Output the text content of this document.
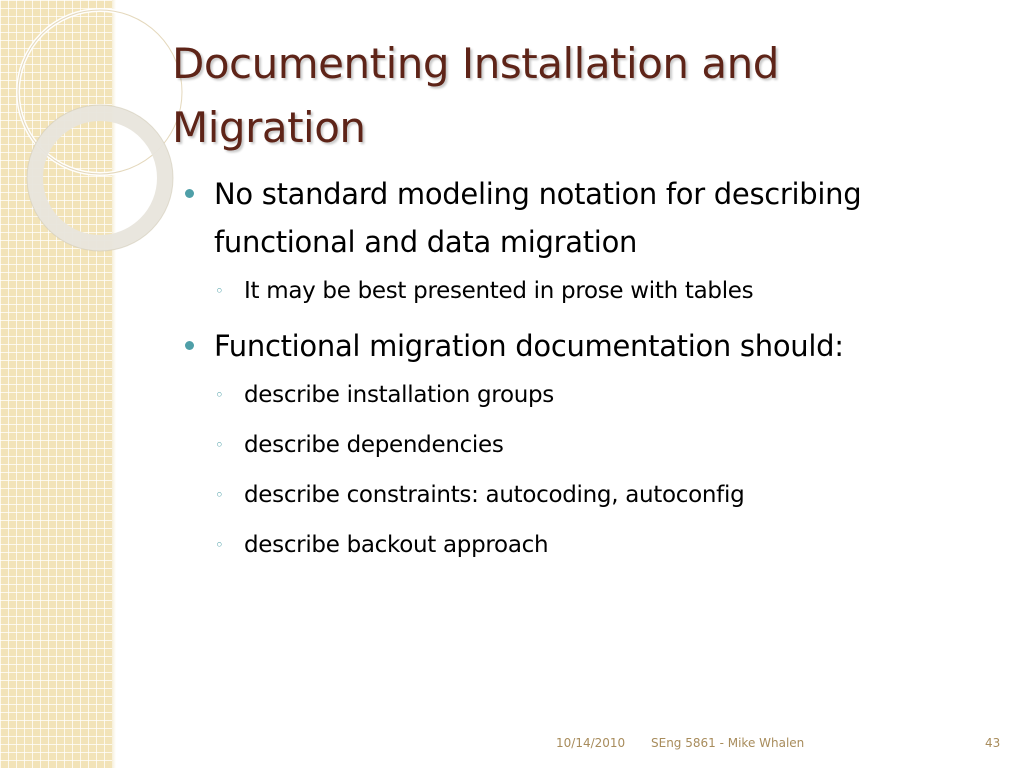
Documenting Installation and
Migration
No standard modeling notation for describing
functional and data migration
◦ It may be best presented in prose with tables
Functional migration documentation should:
◦ describe installation groups
◦ describe dependencies
◦ describe constraints: autocoding, autoconfig
◦ describe backout approach
10/14/2010 SEng 5861 - Mike Whalen	43
